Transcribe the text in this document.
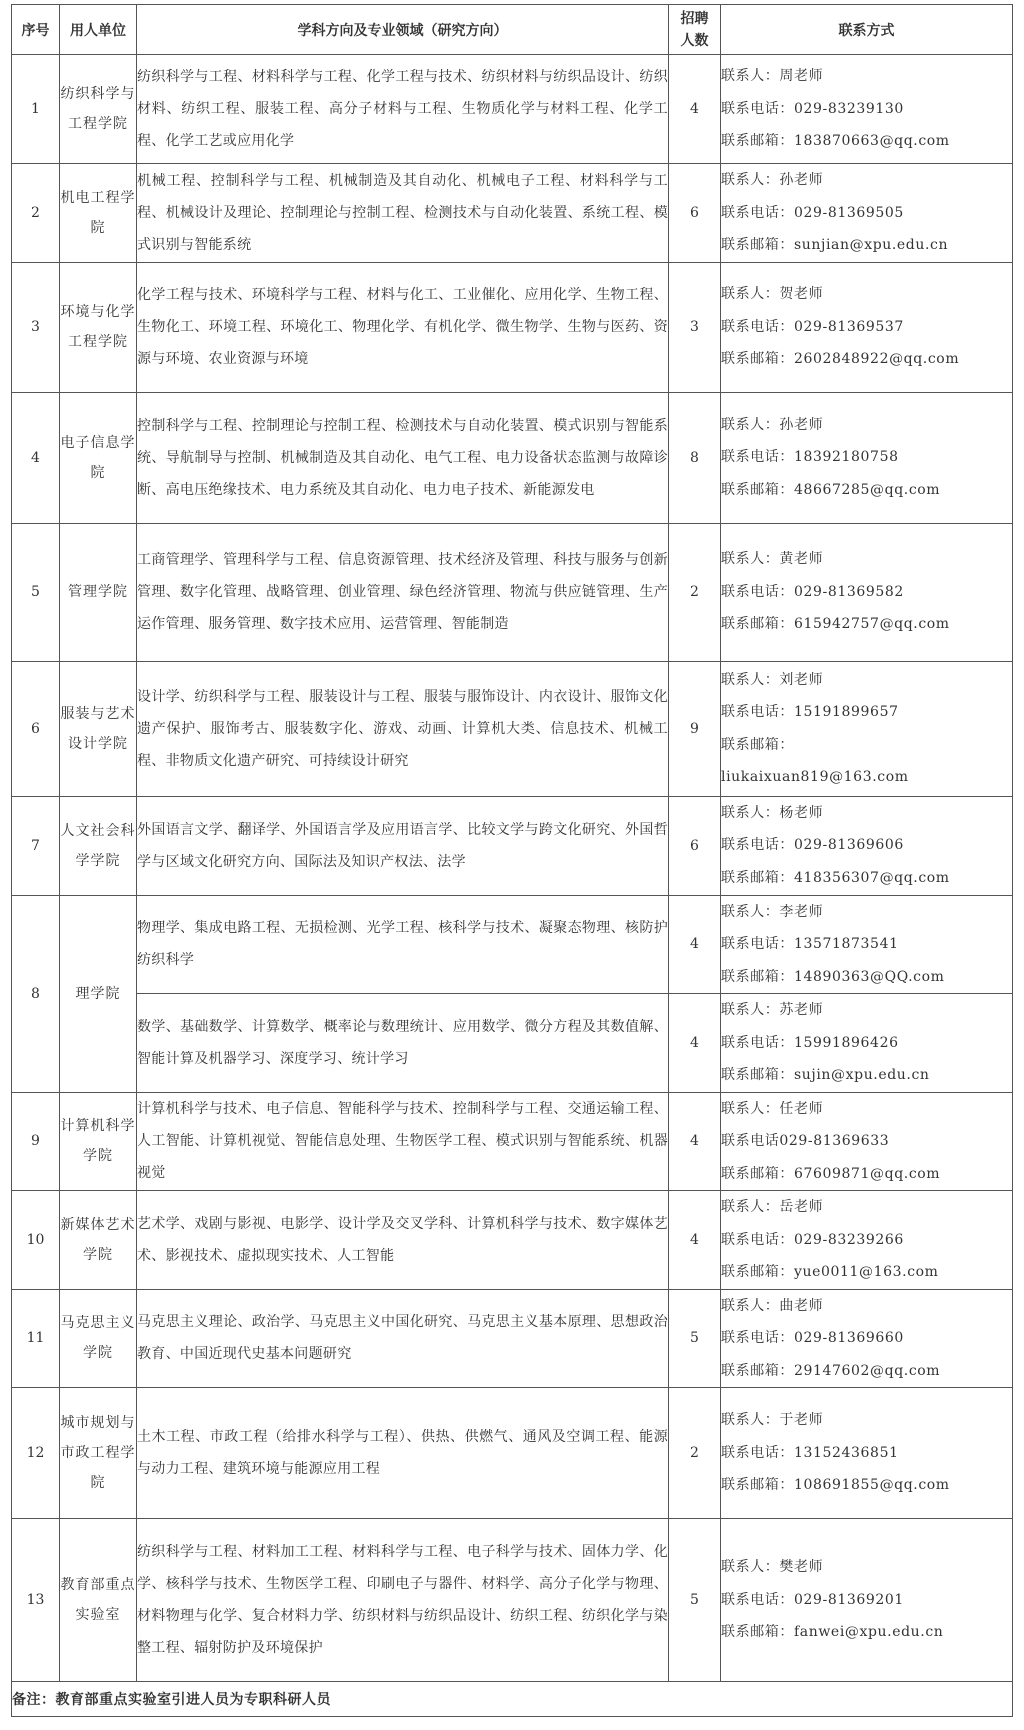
序号	用人单位	学科方向及专业领域（研究方向）	招聘人数	联系方式
1	纺织科学与工程学院	纺织科学与工程、材料科学与工程、化学工程与技术、纺织材料与纺织品设计、纺织材料、纺织工程、服装工程、高分子材料与工程、生物质化学与材料工程、化学工程、化学工艺或应用化学	4	联系人：周老师
联系电话：029-83239130
联系邮箱：183870663@qq.com

2	机电工程学院	机械工程、控制科学与工程、机械制造及其自动化、机械电子工程、材料科学与工程、机械设计及理论、控制理论与控制工程、检测技术与自动化装置、系统工程、模式识别与智能系统	6	联系人：孙老师
联系电话：029-81369505
联系邮箱：sunjian@xpu.edu.cn

3	环境与化学工程学院	化学工程与技术、环境科学与工程、材料与化工、工业催化、应用化学、生物工程、生物化工、环境工程、环境化工、物理化学、有机化学、微生物学、生物与医药、资源与环境、农业资源与环境	3	联系人：贺老师
联系电话：029-81369537
联系邮箱：2602848922@qq.com

4	电子信息学院	控制科学与工程、控制理论与控制工程、检测技术与自动化装置、模式识别与智能系统、导航制导与控制、机械制造及其自动化、电气工程、电力设备状态监测与故障诊断、高电压绝缘技术、电力系统及其自动化、电力电子技术、新能源发电	8	联系人：孙老师
联系电话：18392180758
联系邮箱：48667285@qq.com

5	管理学院	工商管理学、管理科学与工程、信息资源管理、技术经济及管理、科技与服务与创新管理、数字化管理、战略管理、创业管理、绿色经济管理、物流与供应链管理、生产运作管理、服务管理、数字技术应用、运营管理、智能制造	2	联系人：黄老师
联系电话：029-81369582
联系邮箱：615942757@qq.com

6	服装与艺术设计学院	设计学、纺织科学与工程、服装设计与工程、服装与服饰设计、内衣设计、服饰文化遗产保护、服饰考古、服装数字化、游戏、动画、计算机大类、信息技术、机械工程、非物质文化遗产研究、可持续设计研究	9	联系人：刘老师
联系电话：15191899657
联系邮箱：
liukaixuan819@163.com

7	人文社会科学学院	外国语言文学、翻译学、外国语言学及应用语言学、比较文学与跨文化研究、外国哲学与区域文化研究方向、国际法及知识产权法、法学	6	联系人：杨老师
联系电话：029-81369606
联系邮箱：418356307@qq.com

8	理学院	物理学、集成电路工程、无损检测、光学工程、核科学与技术、凝聚态物理、核防护纺织科学	4	联系人：李老师
联系电话：13571873541
联系邮箱：14890363@QQ.com

		数学、基础数学、计算数学、概率论与数理统计、应用数学、微分方程及其数值解、智能计算及机器学习、深度学习、统计学习	4	联系人：苏老师
联系电话：15991896426
联系邮箱：sujin@xpu.edu.cn

9	计算机科学学院	计算机科学与技术、电子信息、智能科学与技术、控制科学与工程、交通运输工程、人工智能、计算机视觉、智能信息处理、生物医学工程、模式识别与智能系统、机器视觉	4	联系人：任老师
联系电话029-81369633
联系邮箱：67609871@qq.com

10	新媒体艺术学院	艺术学、戏剧与影视、电影学、设计学及交叉学科、计算机科学与技术、数字媒体艺术、影视技术、虚拟现实技术、人工智能	4	联系人：岳老师
联系电话：029-83239266
联系邮箱：yue0011@163.com

11	马克思主义学院	马克思主义理论、政治学、马克思主义中国化研究、马克思主义基本原理、思想政治教育、中国近现代史基本问题研究	5	联系人：曲老师
联系电话：029-81369660
联系邮箱：29147602@qq.com

12	城市规划与市政工程学院	土木工程、市政工程（给排水科学与工程）、供热、供燃气、通风及空调工程、能源与动力工程、建筑环境与能源应用工程	2	联系人：于老师
联系电话：13152436851
联系邮箱：108691855@qq.com

13	教育部重点实验室	纺织科学与工程、材料加工工程、材料科学与工程、电子科学与技术、固体力学、化学、核科学与技术、生物医学工程、印刷电子与器件、材料学、高分子化学与物理、材料物理与化学、复合材料力学、纺织材料与纺织品设计、纺织工程、纺织化学与染整工程、辐射防护及环境保护	5	联系人：樊老师
联系电话：029-81369201
联系邮箱：fanwei@xpu.edu.cn

备注：教育部重点实验室引进人员为专职科研人员				
